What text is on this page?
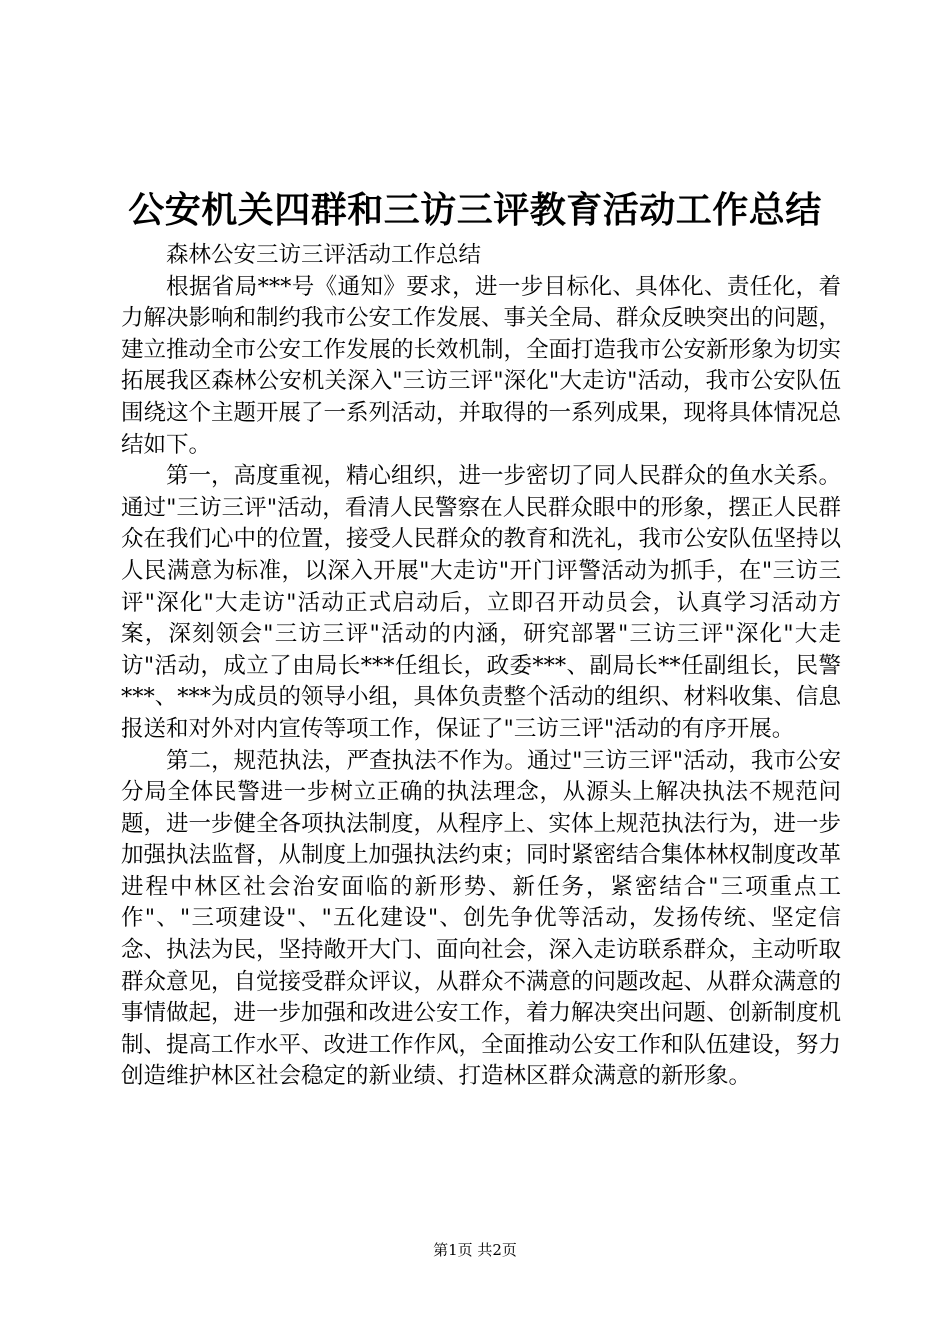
公安机关四群和三访三评教育活动工作总结

森林公安三访三评活动工作总结

根据省局***号《通知》要求，进一步目标化、具体化、责任化，着力解决影响和制约我市公安工作发展、事关全局、群众反映突出的问题，建立推动全市公安工作发展的长效机制，全面打造我市公安新形象为切实拓展我区森林公安机关深入"三访三评"深化"大走访"活动，我市公安队伍围绕这个主题开展了一系列活动，并取得的一系列成果，现将具体情况总结如下。

第一，高度重视，精心组织，进一步密切了同人民群众的鱼水关系。通过"三访三评"活动，看清人民警察在人民群众眼中的形象，摆正人民群众在我们心中的位置，接受人民群众的教育和洗礼，我市公安队伍坚持以人民满意为标准，以深入开展"大走访"开门评警活动为抓手，在"三访三评"深化"大走访"活动正式启动后，立即召开动员会，认真学习活动方案，深刻领会"三访三评"活动的内涵，研究部署"三访三评"深化"大走访"活动，成立了由局长***任组长，政委***、副局长**任副组长，民警***、***为成员的领导小组，具体负责整个活动的组织、材料收集、信息报送和对外对内宣传等项工作，保证了"三访三评"活动的有序开展。

第二，规范执法，严查执法不作为。通过"三访三评"活动，我市公安分局全体民警进一步树立正确的执法理念，从源头上解决执法不规范问题，进一步健全各项执法制度，从程序上、实体上规范执法行为，进一步加强执法监督，从制度上加强执法约束；同时紧密结合集体林权制度改革进程中林区社会治安面临的新形势、新任务，紧密结合"三项重点工作"、"三项建设"、"五化建设"、创先争优等活动，发扬传统、坚定信念、执法为民，坚持敞开大门、面向社会，深入走访联系群众，主动听取群众意见，自觉接受群众评议，从群众不满意的问题改起、从群众满意的事情做起，进一步加强和改进公安工作，着力解决突出问题、创新制度机制、提高工作水平、改进工作作风，全面推动公安工作和队伍建设，努力创造维护林区社会稳定的新业绩、打造林区群众满意的新形象。

第1页 共2页
